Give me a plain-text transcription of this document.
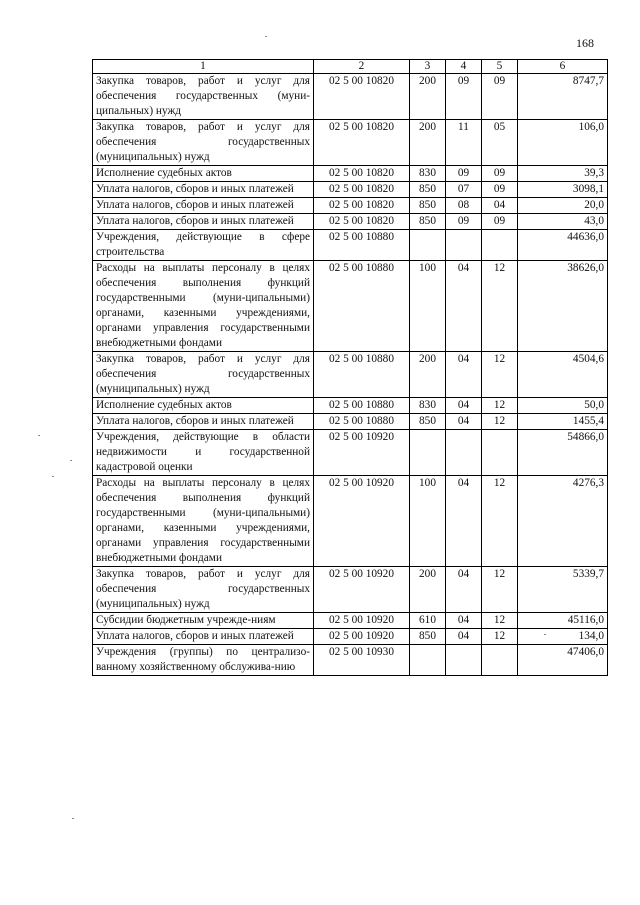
168
1	2	3	4	5	6
Закупка товаров, работ и услуг для обеспечения государственных (муни-ципальных) нужд	02 5 00 10820	200	09	09	8747,7
Закупка товаров, работ и услуг для обеспечения государственных (муниципальных) нужд	02 5 00 10820	200	11	05	106,0
Исполнение судебных актов	02 5 00 10820	830	09	09	39,3
Уплата налогов, сборов и иных платежей	02 5 00 10820	850	07	09	3098,1
Уплата налогов, сборов и иных платежей	02 5 00 10820	850	08	04	20,0
Уплата налогов, сборов и иных платежей	02 5 00 10820	850	09	09	43,0
Учреждения, действующие в сфере строительства	02 5 00 10880				44636,0
Расходы на выплаты персоналу в целях обеспечения выполнения функций государственными (муни-ципальными) органами, казенными учреждениями, органами управления государственными внебюджетными фондами	02 5 00 10880	100	04	12	38626,0
Закупка товаров, работ и услуг для обеспечения государственных (муниципальных) нужд	02 5 00 10880	200	04	12	4504,6
Исполнение судебных актов	02 5 00 10880	830	04	12	50,0
Уплата налогов, сборов и иных платежей	02 5 00 10880	850	04	12	1455,4
Учреждения, действующие в области недвижимости и государственной кадастровой оценки	02 5 00 10920				54866,0
Расходы на выплаты персоналу в целях обеспечения выполнения функций государственными (муни-ципальными) органами, казенными учреждениями, органами управления государственными внебюджетными фондами	02 5 00 10920	100	04	12	4276,3
Закупка товаров, работ и услуг для обеспечения государственных (муниципальных) нужд	02 5 00 10920	200	04	12	5339,7
Субсидии бюджетным учрежде-ниям	02 5 00 10920	610	04	12	45116,0
Уплата налогов, сборов и иных платежей	02 5 00 10920	850	04	12	134,0
Учреждения (группы) по централизо-ванному хозяйственному обслужива-нию	02 5 00 10930				47406,0
